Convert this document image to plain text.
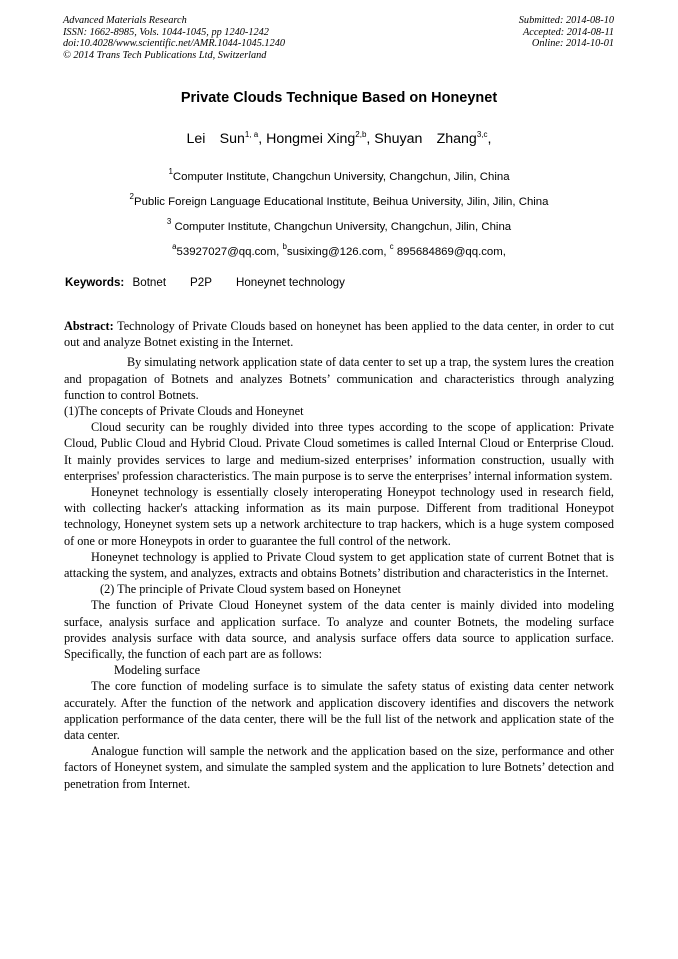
Advanced Materials Research
ISSN: 1662-8985, Vols. 1044-1045, pp 1240-1242
doi:10.4028/www.scientific.net/AMR.1044-1045.1240
© 2014 Trans Tech Publications Ltd, Switzerland
Submitted: 2014-08-10
Accepted: 2014-08-11
Online: 2014-10-01
Private Clouds Technique Based on Honeynet
Lei Sun$^{1, a}$, Hongmei Xing$^{2,b}$, Shuyan Zhang$^{3,c}$,
$^1$Computer Institute, Changchun University, Changchun, Jilin, China
$^2$Public Foreign Language Educational Institute, Beihua University, Jilin, Jilin, China
$^3$ Computer Institute, Changchun University, Changchun, Jilin, China
$^a$53927027@qq.com, $^b$susixing@126.com, $^c$ 895684869@qq.com,
Keywords: Botnet P2P Honeynet technology

Abstract: Technology of Private Clouds based on honeynet has been applied to the data center, in order to cut out and analyze Botnet existing in the Internet.

By simulating network application state of data center to set up a trap, the system lures the creation and propagation of Botnets and analyzes Botnets’ communication and characteristics through analyzing function to control Botnets.

(1)The concepts of Private Clouds and Honeynet

Cloud security can be roughly divided into three types according to the scope of application: Private Cloud, Public Cloud and Hybrid Cloud. Private Cloud sometimes is called Internal Cloud or Enterprise Cloud. It mainly provides services to large and medium-sized enterprises’ information construction, usually with enterprises' profession characteristics. The main purpose is to serve the enterprises’ internal information system.

Honeynet technology is essentially closely interoperating Honeypot technology used in research field, with collecting hacker's attacking information as its main purpose. Different from traditional Honeypot technology, Honeynet system sets up a network architecture to trap hackers, which is a huge system composed of one or more Honeypots in order to guarantee the full control of the network.

Honeynet technology is applied to Private Cloud system to get application state of current Botnet that is attacking the system, and analyzes, extracts and obtains Botnets’ distribution and characteristics in the Internet.

(2) The principle of Private Cloud system based on Honeynet

The function of Private Cloud Honeynet system of the data center is mainly divided into modeling surface, analysis surface and application surface. To analyze and counter Botnets, the modeling surface provides analysis surface with data source, and analysis surface offers data source to application surface. Specifically, the function of each part are as follows:

Modeling surface

The core function of modeling surface is to simulate the safety status of existing data center network accurately. After the function of the network and application discovery identifies and discovers the network application performance of the data center, there will be the full list of the network and application state of the data center.

Analogue function will sample the network and the application based on the size, performance and other factors of Honeynet system, and simulate the sampled system and the application to lure Botnets’ detection and penetration from Internet.
